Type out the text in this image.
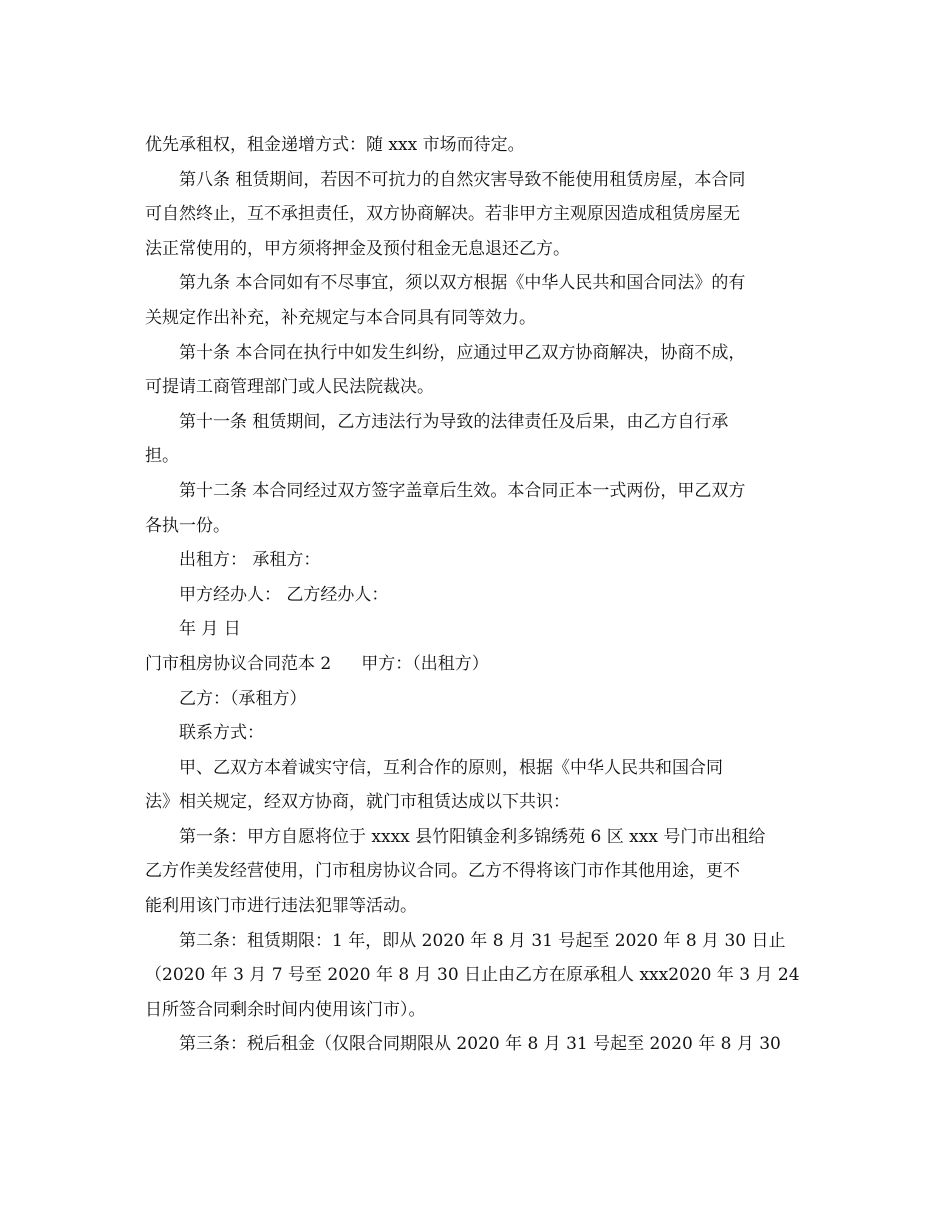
优先承租权，租金递增方式：随 xxx 市场而待定。

第八条 租赁期间，若因不可抗力的自然灾害导致不能使用租赁房屋，本合同

可自然终止，互不承担责任，双方协商解决。若非甲方主观原因造成租赁房屋无

法正常使用的，甲方须将押金及预付租金无息退还乙方。

第九条 本合同如有不尽事宜，须以双方根据《中华人民共和国合同法》的有

关规定作出补充，补充规定与本合同具有同等效力。

第十条 本合同在执行中如发生纠纷，应通过甲乙双方协商解决，协商不成，

可提请工商管理部门或人民法院裁决。

第十一条 租赁期间，乙方违法行为导致的法律责任及后果，由乙方自行承

担。

第十二条 本合同经过双方签字盖章后生效。本合同正本一式两份，甲乙双方

各执一份。

出租方： 承租方：

甲方经办人： 乙方经办人：

年 月 日

门市租房协议合同范本 2 甲方：（出租方）

乙方：（承租方）

联系方式：

甲、乙双方本着诚实守信，互利合作的原则，根据《中华人民共和国合同

法》相关规定，经双方协商，就门市租赁达成以下共识：

第一条：甲方自愿将位于 xxxx 县竹阳镇金利多锦绣苑 6 区 xxx 号门市出租给

乙方作美发经营使用，门市租房协议合同。乙方不得将该门市作其他用途，更不

能利用该门市进行违法犯罪等活动。

第二条：租赁期限：1 年，即从 2020 年 8 月 31 号起至 2020 年 8 月 30 日止

（2020 年 3 月 7 号至 2020 年 8 月 30 日止由乙方在原承租人 xxx2020 年 3 月 24

日所签合同剩余时间内使用该门市）。

第三条：税后租金（仅限合同期限从 2020 年 8 月 31 号起至 2020 年 8 月 30
